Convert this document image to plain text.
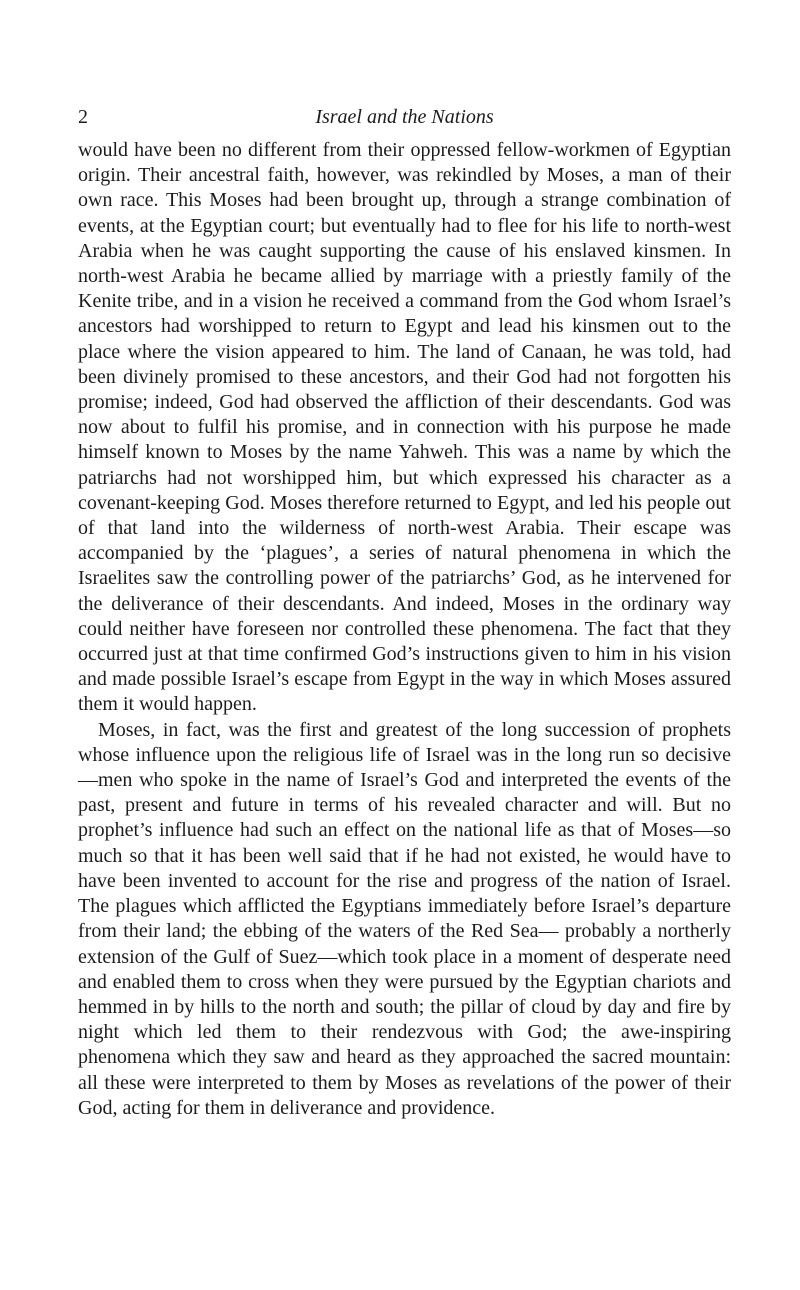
2	Israel and the Nations

would have been no different from their oppressed fellow-workmen of Egyptian origin. Their ancestral faith, however, was rekindled by Moses, a man of their own race. This Moses had been brought up, through a strange combination of events, at the Egyptian court; but eventually had to flee for his life to north-west Arabia when he was caught supporting the cause of his enslaved kinsmen. In north-west Arabia he became allied by marriage with a priestly family of the Kenite tribe, and in a vision he received a command from the God whom Israel’s ancestors had worshipped to return to Egypt and lead his kinsmen out to the place where the vision appeared to him. The land of Canaan, he was told, had been divinely promised to these ancestors, and their God had not forgotten his promise; indeed, God had observed the affliction of their descendants. God was now about to fulfil his promise, and in connection with his purpose he made himself known to Moses by the name Yahweh. This was a name by which the patriarchs had not worshipped him, but which expressed his character as a covenant-keeping God. Moses therefore returned to Egypt, and led his people out of that land into the wilderness of north-west Arabia. Their escape was accompanied by the ‘plagues’, a series of natural phenomena in which the Israelites saw the controlling power of the patriarchs’ God, as he intervened for the deliverance of their descendants. And indeed, Moses in the ordinary way could neither have foreseen nor controlled these phenomena. The fact that they occurred just at that time confirmed God’s instructions given to him in his vision and made possible Israel’s escape from Egypt in the way in which Moses assured them it would happen.

Moses, in fact, was the first and greatest of the long succession of prophets whose influence upon the religious life of Israel was in the long run so decisive—men who spoke in the name of Israel’s God and interpreted the events of the past, present and future in terms of his revealed character and will. But no prophet’s influence had such an effect on the national life as that of Moses—so much so that it has been well said that if he had not existed, he would have to have been invented to account for the rise and progress of the nation of Israel. The plagues which afflicted the Egyptians immediately before Israel’s departure from their land; the ebbing of the waters of the Red Sea— probably a northerly extension of the Gulf of Suez—which took place in a moment of desperate need and enabled them to cross when they were pursued by the Egyptian chariots and hemmed in by hills to the north and south; the pillar of cloud by day and fire by night which led them to their rendezvous with God; the awe-inspiring phenomena which they saw and heard as they approached the sacred mountain: all these were interpreted to them by Moses as revelations of the power of their God, acting for them in deliverance and providence.
